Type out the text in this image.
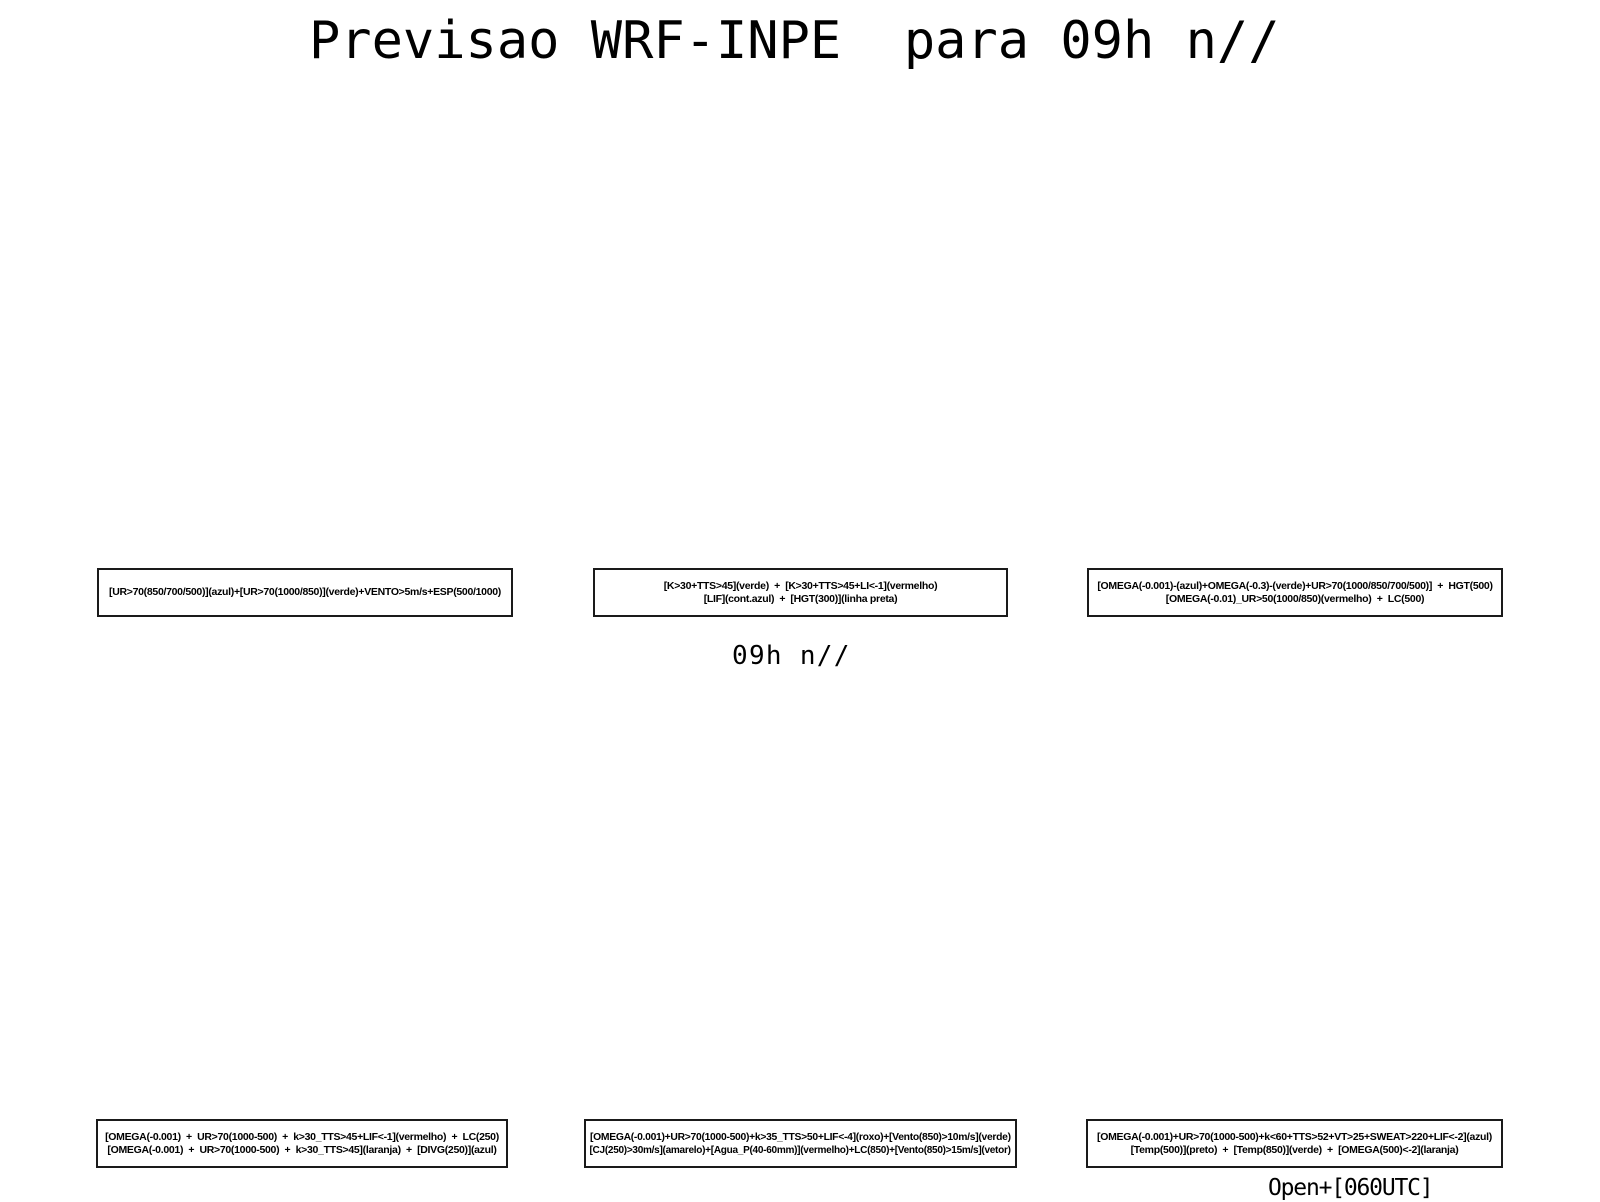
Previsao WRF-INPE  para 09h n//
[UR>70(850/700/500)](azul)+[UR>70(1000/850)](verde)+VENTO>5m/s+ESP(500/1000)
[K>30+TTS>45](verde)  +  [K>30+TTS>45+LI<-1](vermelho)
[LIF](cont.azul)  +  [HGT(300)](linha preta)
[OMEGA(-0.001)-(azul)+OMEGA(-0.3)-(verde)+UR>70(1000/850/700/500)]  +  HGT(500)
[OMEGA(-0.01)_UR>50(1000/850)(vermelho)  +  LC(500)
09h n//
[OMEGA(-0.001)  +  UR>70(1000-500)  +  k>30_TTS>45+LIF<-1](vermelho)  +  LC(250)
[OMEGA(-0.001)  +  UR>70(1000-500)  +  k>30_TTS>45](laranja)  +  [DIVG(250)](azul)
[OMEGA(-0.001)+UR>70(1000-500)+k>35_TTS>50+LIF<-4](roxo)+[Vento(850)>10m/s](verde)
[CJ(250)>30m/s](amarelo)+[Agua_P(40-60mm)](vermelho)+LC(850)+[Vento(850)>15m/s](vetor)
[OMEGA(-0.001)+UR>70(1000-500)+k<60+TTS>52+VT>25+SWEAT>220+LIF<-2](azul)
[Temp(500)](preto)  +  [Temp(850)](verde)  +  [OMEGA(500)<-2](laranja)
Open+[060UTC]
